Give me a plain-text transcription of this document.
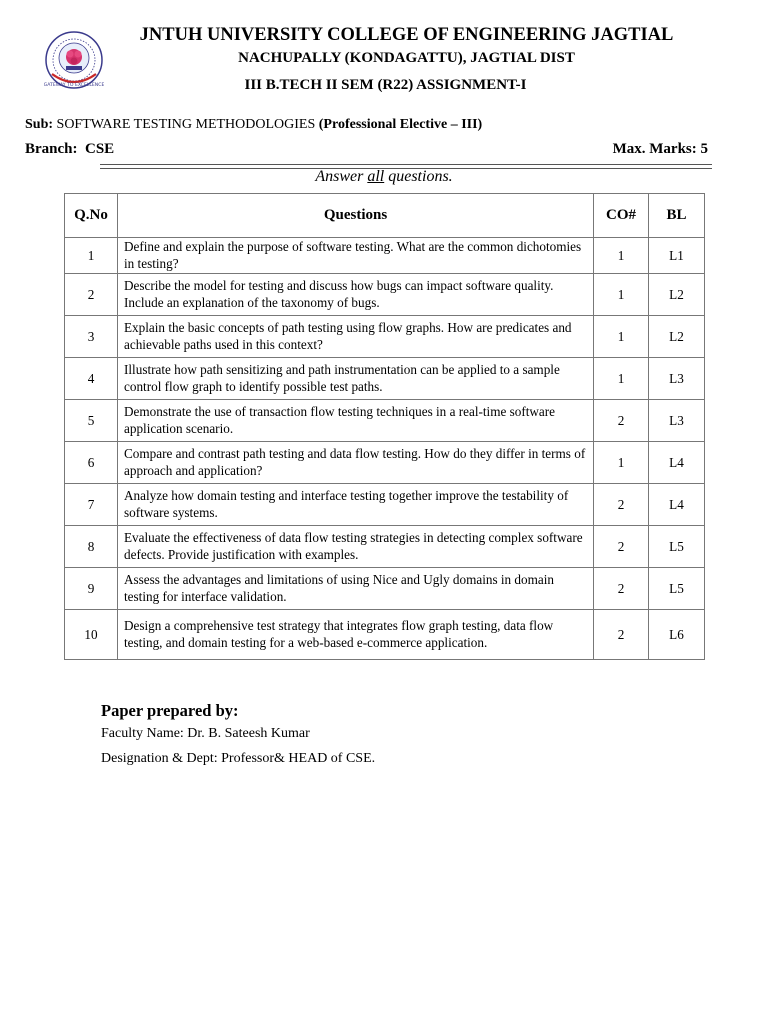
GATEWAY TO EXCELLENCE
JNTUH UNIVERSITY COLLEGE OF ENGINEERING JAGTIAL
NACHUPALLY (KONDAGATTU), JAGTIAL DIST
III B.TECH II SEM (R22) ASSIGNMENT-I
Sub: SOFTWARE TESTING METHODOLOGIES (Professional Elective – III)
Branch: CSE	Max. Marks: 5
Answer all questions.
Q.No	Questions	CO#	BL
1	Define and explain the purpose of software testing. What are the common dichotomies in testing?	1	L1
2	Describe the model for testing and discuss how bugs can impact software quality. Include an explanation of the taxonomy of bugs.	1	L2
3	Explain the basic concepts of path testing using flow graphs. How are predicates and achievable paths used in this context?	1	L2
4	Illustrate how path sensitizing and path instrumentation can be applied to a sample control flow graph to identify possible test paths.	1	L3
5	Demonstrate the use of transaction flow testing techniques in a real-time software application scenario.	2	L3
6	Compare and contrast path testing and data flow testing. How do they differ in terms of approach and application?	1	L4
7	Analyze how domain testing and interface testing together improve the testability of software systems.	2	L4
8	Evaluate the effectiveness of data flow testing strategies in detecting complex software defects. Provide justification with examples.	2	L5
9	Assess the advantages and limitations of using Nice and Ugly domains in domain testing for interface validation.	2	L5
10	Design a comprehensive test strategy that integrates flow graph testing, data flow testing, and domain testing for a web-based e-commerce application.	2	L6
Paper prepared by:
Faculty Name: Dr. B. Sateesh Kumar
Designation & Dept: Professor& HEAD of CSE.
